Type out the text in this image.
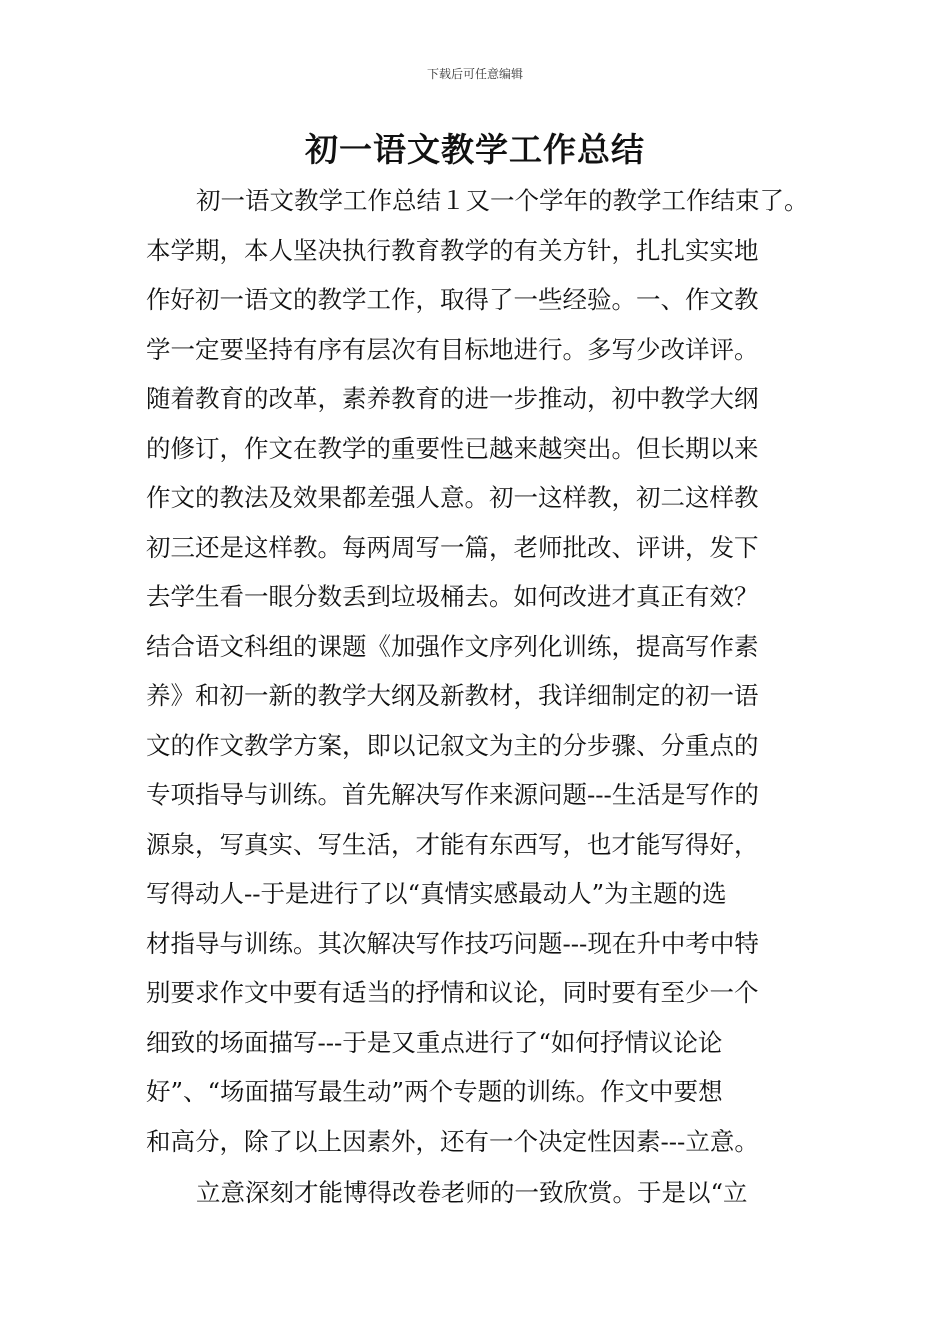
下载后可任意编辑
初一语文教学工作总结
初一语文教学工作总结１又一个学年的教学工作结束了。
本学期，本人坚决执行教育教学的有关方针，扎扎实实地
作好初一语文的教学工作，取得了一些经验。一、作文教
学一定要坚持有序有层次有目标地进行。多写少改详评。
随着教育的改革，素养教育的进一步推动，初中教学大纲
的修订，作文在教学的重要性已越来越突出。但长期以来
作文的教法及效果都差强人意。初一这样教，初二这样教
初三还是这样教。每两周写一篇，老师批改、评讲，发下
去学生看一眼分数丢到垃圾桶去。如何改进才真正有效？
结合语文科组的课题《加强作文序列化训练，提高写作素
养》和初一新的教学大纲及新教材，我详细制定的初一语
文的作文教学方案，即以记叙文为主的分步骤、分重点的
专项指导与训练。首先解决写作来源问题---生活是写作的
源泉，写真实、写生活，才能有东西写，也才能写得好，
写得动人--于是进行了以“真情实感最动人”为主题的选
材指导与训练。其次解决写作技巧问题---现在升中考中特
别要求作文中要有适当的抒情和议论，同时要有至少一个
细致的场面描写---于是又重点进行了“如何抒情议论论
好”、“场面描写最生动”两个专题的训练。作文中要想
和高分，除了以上因素外，还有一个决定性因素---立意。
立意深刻才能博得改卷老师的一致欣赏。于是以“立
